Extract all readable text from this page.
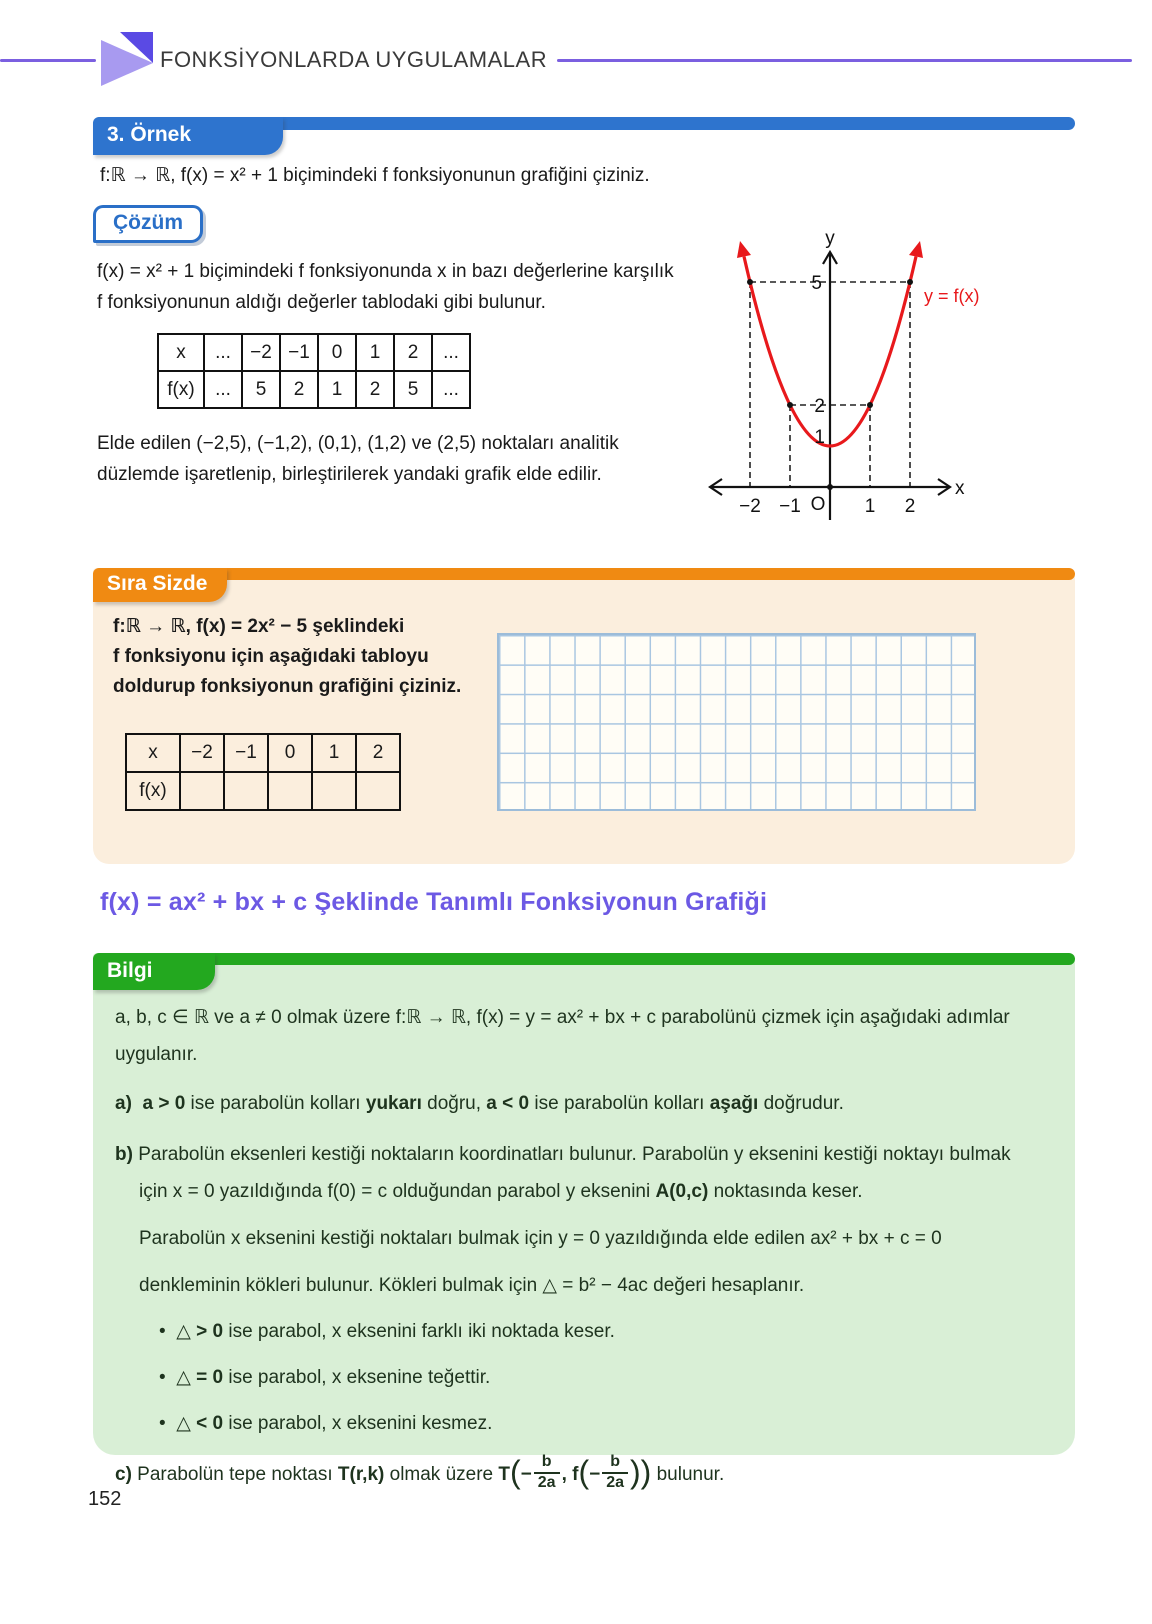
FONKSİYONLARDA UYGULAMALAR
3. Örnek
f:ℝ → ℝ, f(x) = x² + 1 biçimindeki f fonksiyonunun grafiğini çiziniz.
Çözüm
f(x) = x² + 1 biçimindeki f fonksiyonunda x in bazı değerlerine karşılık
f fonksiyonunun aldığı değerler tablodaki gibi bulunur.
x	...	−2	−1	0	1	2	...
f(x)	...	5	2	1	2	5	...
Elde edilen (−2,5), (−1,2), (0,1), (1,2) ve (2,5) noktaları analitik
düzlemde işaretlenip, birleştirilerek yandaki grafik elde edilir.
y
x
5
2
1
−2 −1 O 1 2
y = f(x)
Sıra Sizde
f:ℝ → ℝ, f(x) = 2x² − 5 şeklindeki
f fonksiyonu için aşağıdaki tabloyu
doldurup fonksiyonun grafiğini çiziniz.
x	−2	−1	0	1	2
f(x)					
f(x) = ax² + bx + c Şeklinde Tanımlı Fonksiyonun Grafiği
Bilgi
a, b, c ∈ ℝ ve a ≠ 0 olmak üzere f:ℝ → ℝ, f(x) = y = ax² + bx + c parabolünü çizmek için aşağıdaki adımlar
uygulanır.
a) a > 0 ise parabolün kolları yukarı doğru, a < 0 ise parabolün kolları aşağı doğrudur.
b) Parabolün eksenleri kestiği noktaların koordinatları bulunur. Parabolün y eksenini kestiği noktayı bulmak
için x = 0 yazıldığında f(0) = c olduğundan parabol y eksenini A(0,c) noktasında keser.
Parabolün x eksenini kestiği noktaları bulmak için y = 0 yazıldığında elde edilen ax² + bx + c = 0
denkleminin kökleri bulunur. Kökleri bulmak için △ = b² − 4ac değeri hesaplanır.
• △ > 0 ise parabol, x eksenini farklı iki noktada keser.
• △ = 0 ise parabol, x eksenine teğettir.
• △ < 0 ise parabol, x eksenini kesmez.
c) Parabolün tepe noktası T(r,k) olmak üzere $T(- \frac{b}{2a}$ , $f(- \frac{b}{2a}$ )) bulunur.
152
